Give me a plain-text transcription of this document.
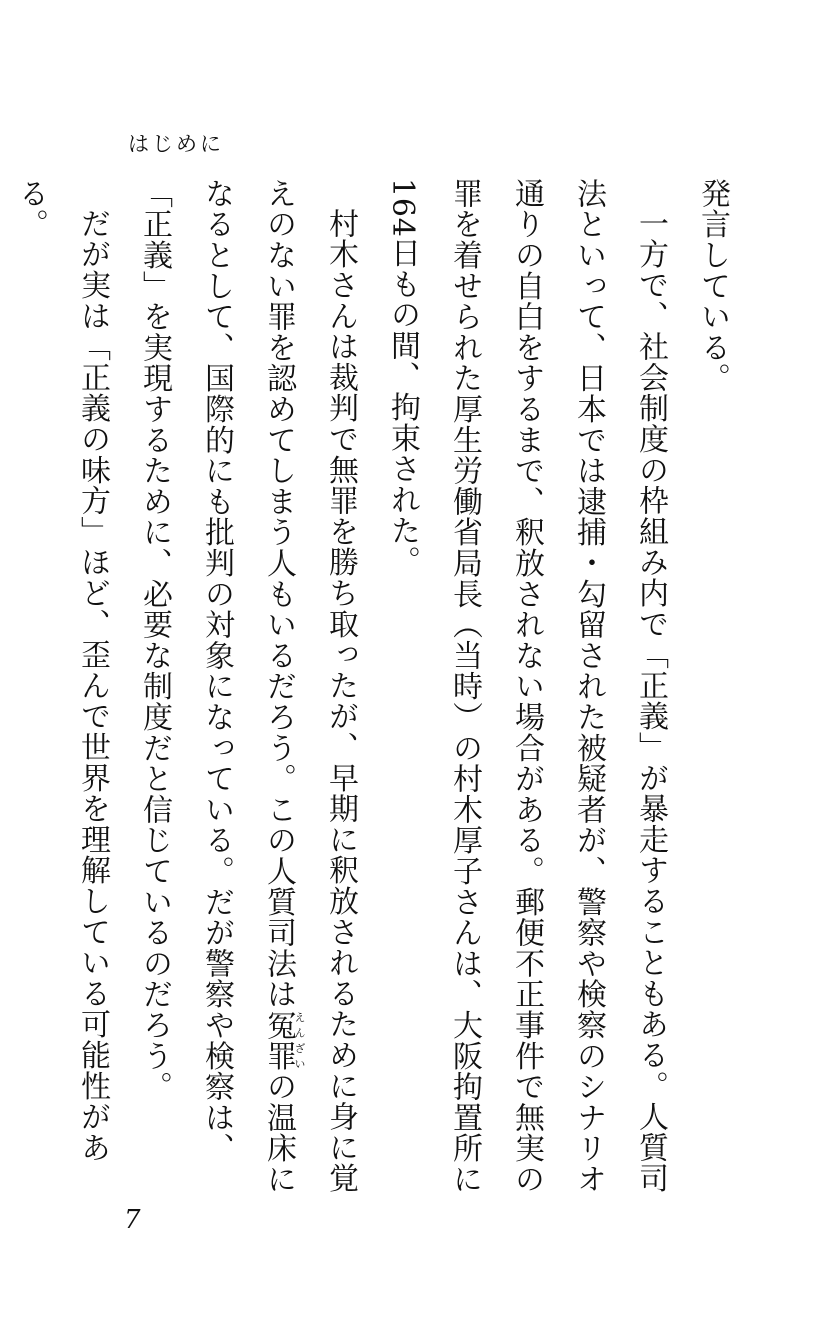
はじめに

発言している。

一方で、社会制度の枠組み内で「正義」が暴走することもある。人質司法といって、日本では逮捕・勾留された被疑者が、警察や検察のシナリオ通りの自白をするまで、釈放されない場合がある。郵便不正事件で無実の罪を着せられた厚生労働省局長（当時）の村木厚子さんは、大阪拘置所に164日もの間、拘束された。

村木さんは裁判で無罪を勝ち取ったが、早期に釈放されるために身に覚えのない罪を認めてしまう人もいるだろう。この人質司法は冤罪えんざいの温床になるとして、国際的にも批判の対象になっている。だが警察や検察は、「正義」を実現するために、必要な制度だと信じているのだろう。

だが実は「正義の味方」ほど、歪んで世界を理解している可能性がある。

7
